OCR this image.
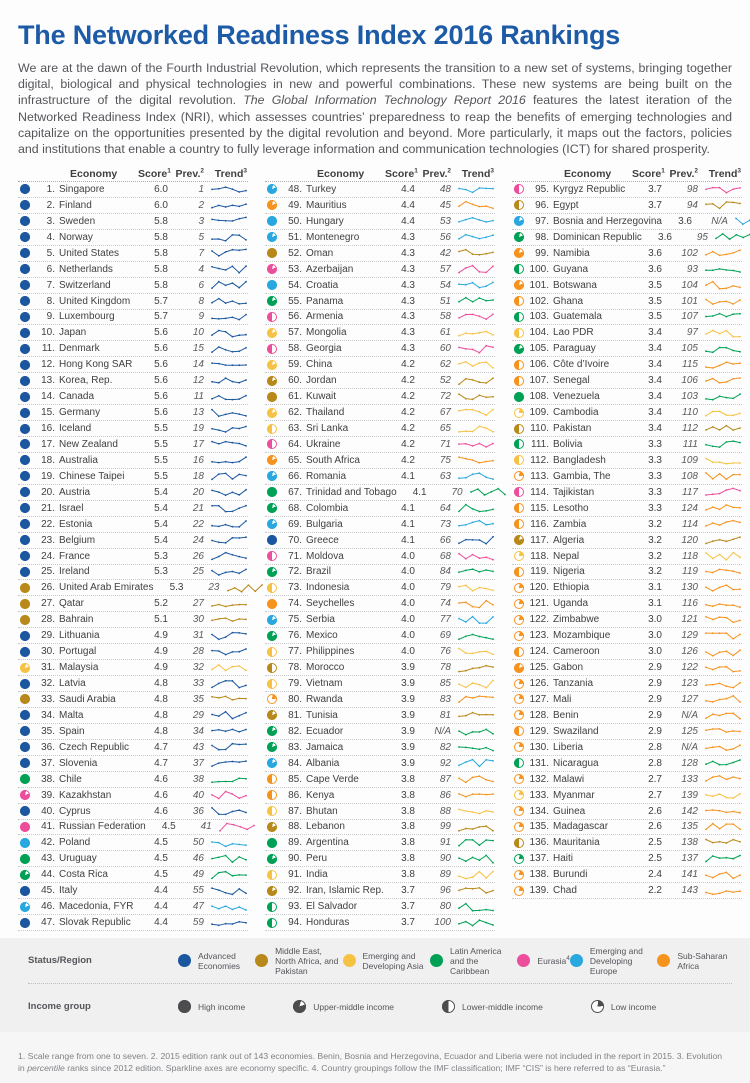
The Networked Readiness Index 2016 Rankings

We are at the dawn of the Fourth Industrial Revolution, which represents the transition to a new set of systems, bringing together digital, biological and physical technologies in new and powerful combinations. These new systems are being built on the infrastructure of the digital revolution. The Global Information Technology Report 2016 features the latest iteration of the Networked Readiness Index (NRI), which assesses countries’ preparedness to reap the benefits of emerging technologies and capitalize on the opportunities presented by the digital revolution and beyond. More particularly, it maps out the factors, policies and institutions that enable a country to fully leverage information and communication technologies (ICT) for shared prosperity.

Economy	Score$^1$ Prev.$^2$	Trend$^3$
1. Singapore	6.0	1
2. Finland	6.0	2
3. Sweden	5.8	3
4. Norway	5.8	5
5. United States	5.8	7
6. Netherlands	5.8	4
7. Switzerland	5.8	6
8. United Kingdom	5.7	8
9. Luxembourg	5.7	9
10. Japan	5.6	10
11. Denmark	5.6	15
12. Hong Kong SAR	5.6	14
13. Korea, Rep.	5.6	12
14. Canada	5.6	11
15. Germany	5.6	13
16. Iceland	5.5	19
17. New Zealand	5.5	17
18. Australia	5.5	16
19. Chinese Taipei	5.5	18
20. Austria	5.4	20
21. Israel	5.4	21
22. Estonia	5.4	22
23. Belgium	5.4	24
24. France	5.3	26
25. Ireland	5.3	25
26. United Arab Emirates	5.3	23
27. Qatar	5.2	27
28. Bahrain	5.1	30
29. Lithuania	4.9	31
30. Portugal	4.9	28
31. Malaysia	4.9	32
32. Latvia	4.8	33
33. Saudi Arabia	4.8	35
34. Malta	4.8	29
35. Spain	4.8	34
36. Czech Republic	4.7	43
37. Slovenia	4.7	37
38. Chile	4.6	38
39. Kazakhstan	4.6	40
40. Cyprus	4.6	36
41. Russian Federation	4.5	41
42. Poland	4.5	50
43. Uruguay	4.5	46
44. Costa Rica	4.5	49
45. Italy	4.4	55
46. Macedonia, FYR	4.4	47
47. Slovak Republic	4.4	59
Economy	Score$^1$ Prev.$^2$	Trend$^3$
48. Turkey	4.4	48
49. Mauritius	4.4	45
50. Hungary	4.4	53
51. Montenegro	4.3	56
52. Oman	4.3	42
53. Azerbaijan	4.3	57
54. Croatia	4.3	54
55. Panama	4.3	51
56. Armenia	4.3	58
57. Mongolia	4.3	61
58. Georgia	4.3	60
59. China	4.2	62
60. Jordan	4.2	52
61. Kuwait	4.2	72
62. Thailand	4.2	67
63. Sri Lanka	4.2	65
64. Ukraine	4.2	71
65. South Africa	4.2	75
66. Romania	4.1	63
67. Trinidad and Tobago	4.1	70
68. Colombia	4.1	64
69. Bulgaria	4.1	73
70. Greece	4.1	66
71. Moldova	4.0	68
72. Brazil	4.0	84
73. Indonesia	4.0	79
74. Seychelles	4.0	74
75. Serbia	4.0	77
76. Mexico	4.0	69
77. Philippines	4.0	76
78. Morocco	3.9	78
79. Vietnam	3.9	85
80. Rwanda	3.9	83
81. Tunisia	3.9	81
82. Ecuador	3.9	N/A
83. Jamaica	3.9	82
84. Albania	3.9	92
85. Cape Verde	3.8	87
86. Kenya	3.8	86
87. Bhutan	3.8	88
88. Lebanon	3.8	99
89. Argentina	3.8	91
90. Peru	3.8	90
91. India	3.8	89
92. Iran, Islamic Rep.	3.7	96
93. El Salvador	3.7	80
94. Honduras	3.7	100
Economy	Score$^1$ Prev.$^2$	Trend$^3$
95. Kyrgyz Republic	3.7	98
96. Egypt	3.7	94
97. Bosnia and Herzegovina	3.6	N/A
98. Dominican Republic	3.6	95
99. Namibia	3.6	102
100. Guyana	3.6	93
101. Botswana	3.5	104
102. Ghana	3.5	101
103. Guatemala	3.5	107
104. Lao PDR	3.4	97
105. Paraguay	3.4	105
106. Côte d’Ivoire	3.4	115
107. Senegal	3.4	106
108. Venezuela	3.4	103
109. Cambodia	3.4	110
110. Pakistan	3.4	112
111. Bolivia	3.3	111
112. Bangladesh	3.3	109
113. Gambia, The	3.3	108
114. Tajikistan	3.3	117
115. Lesotho	3.3	124
116. Zambia	3.2	114
117. Algeria	3.2	120
118. Nepal	3.2	118
119. Nigeria	3.2	119
120. Ethiopia	3.1	130
121. Uganda	3.1	116
122. Zimbabwe	3.0	121
123. Mozambique	3.0	129
124. Cameroon	3.0	126
125. Gabon	2.9	122
126. Tanzania	2.9	123
127. Mali	2.9	127
128. Benin	2.9	N/A
129. Swaziland	2.9	125
130. Liberia	2.8	N/A
131. Nicaragua	2.8	128
132. Malawi	2.7	133
133. Myanmar	2.7	139
134. Guinea	2.6	142
135. Madagascar	2.6	135
136. Mauritania	2.5	138
137. Haiti	2.5	137
138. Burundi	2.4	141
139. Chad	2.2	143
Status/Region	Advanced Economies
Middle East, North Africa, and Pakistan
Emerging and Developing Asia
Latin America and the Caribbean
Eurasia$^4$
Emerging and Developing Europe
Sub-Saharan Africa
Income group	High income	Upper-middle income	Lower-middle income	Low income

1. Scale range from one to seven. 2. 2015 edition rank out of 143 economies. Benin, Bosnia and Herzegovina, Ecuador and Liberia were not included in the report in 2015. 3. Evolution in percentile ranks since 2012 edition. Sparkline axes are economy specific. 4. Country groupings follow the IMF classification; IMF “CIS” is here referred to as “Eurasia.”
